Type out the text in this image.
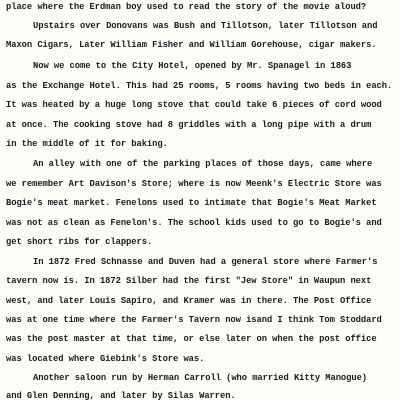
place where the Erdman boy used to read the story of the movie aloud?

Upstairs over Donovans was Bush and Tillotson, later Tillotson and

Maxon Cigars, Later William Fisher and William Gorehouse, cigar makers.

Now we come to the City Hotel, opened by Mr. Spanagel in 1863

as the Exchange Hotel. This had 25 rooms, 5 rooms having two beds in each.

It was heated by a huge long stove that could take 6 pieces of cord wood

at once. The cooking stove had 8 griddles with a long pipe with a drum

in the middle of it for baking.

An alley with one of the parking places of those days, came where

we remember Art Davison's Store; where is now Meenk's Electric Store was

Bogie's meat market. Fenelons used to intimate that Bogie's Meat Market

was not as clean as Fenelon's. The school kids used to go to Bogie's and

get short ribs for clappers.

In 1872 Fred Schnasse and Duven had a general store where Farmer's

tavern now is. In 1872 Silber had the first "Jew Store" in Waupun next

west, and later Louis Sapiro, and Kramer was in there. The Post Office

was at one time where the Farmer's Tavern now isand I think Tom Stoddard

was the post master at that time, or else later on when the post office

was located where Giebink's Store was.

Another saloon run by Herman Carroll (who married Kitty Manogue)

and Glen Denning, and later by Silas Warren.
